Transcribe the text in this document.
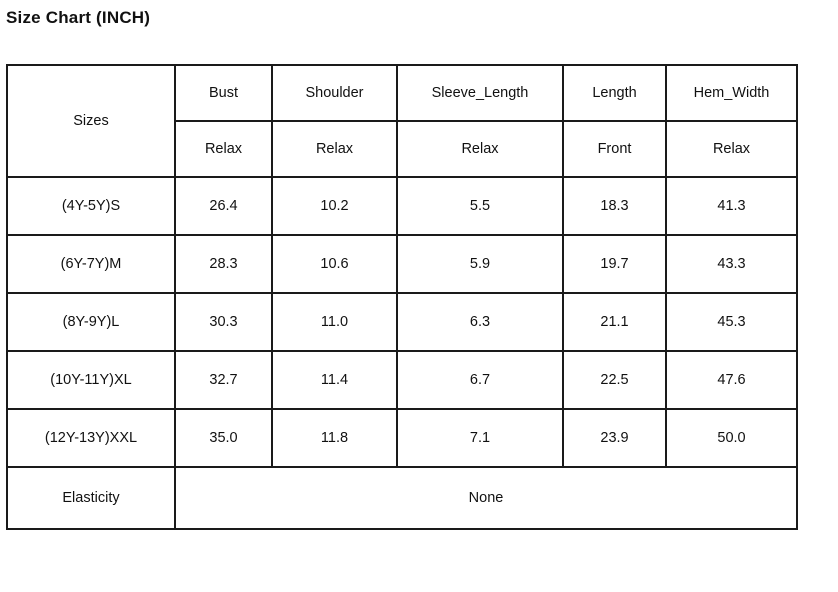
Size Chart (INCH)
Sizes	Bust	Shoulder	Sleeve_Length	Length	Hem_Width
	Relax	Relax	Relax	Front	Relax
(4Y-5Y)S	26.4	10.2	5.5	18.3	41.3
(6Y-7Y)M	28.3	10.6	5.9	19.7	43.3
(8Y-9Y)L	30.3	11.0	6.3	21.1	45.3
(10Y-11Y)XL	32.7	11.4	6.7	22.5	47.6
(12Y-13Y)XXL	35.0	11.8	7.1	23.9	50.0
Elasticity	None				
